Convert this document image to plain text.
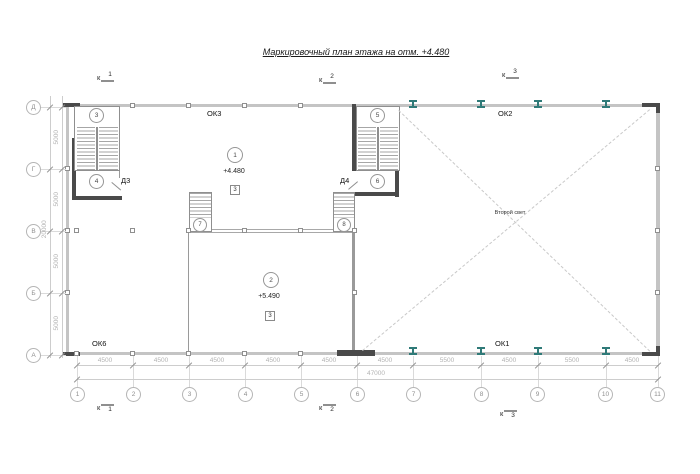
Маркировочный план этажа на отм. +4.480
к	1
к	2	к	3
3
4	Д3
5
6
Д4
7	8
Второй свет
ОК3	ОК2
ОК6	ОК1
1
+4.480
3
2
+5.490
3
5000
5000
5000
5000
20000
Д
Г
В
Б
А
4500	4500	4500	4500	4500	4500	5500	4500	5500	4500
47000
1	2	3	4	5	6	7	8	9	10	11
к	1	к	2	к	3
